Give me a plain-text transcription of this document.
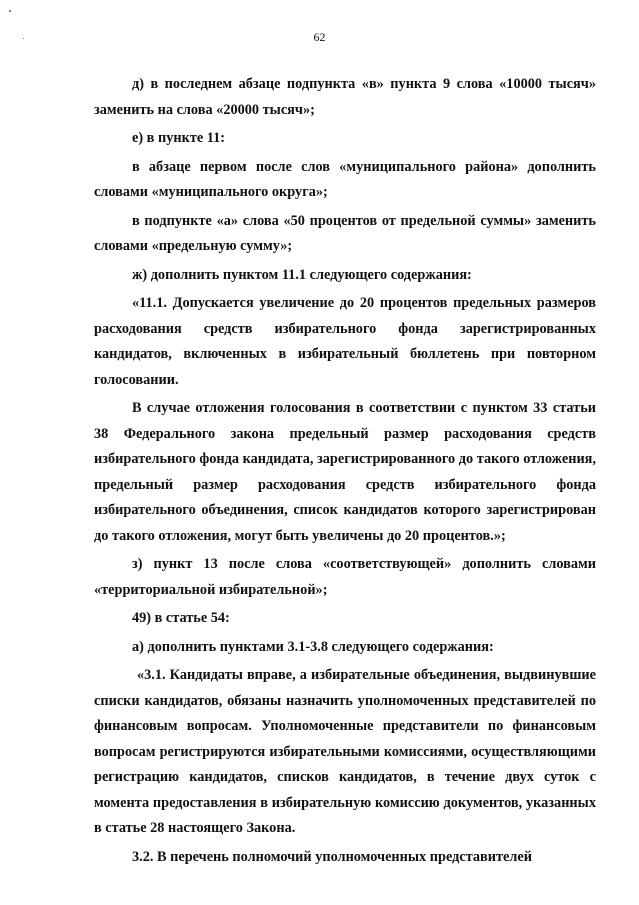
62

д) в последнем абзаце подпункта «в» пункта 9 слова «10000 тысяч» заменить на слова «20000 тысяч»;

е) в пункте 11:

в абзаце первом после слов «муниципального района» дополнить словами «муниципального округа»;

в подпункте «а» слова «50 процентов от предельной суммы» заменить словами «предельную сумму»;

ж) дополнить пунктом 11.1 следующего содержания:

«11.1. Допускается увеличение до 20 процентов предельных размеров расходования средств избирательного фонда зарегистрированных кандидатов, включенных в избирательный бюллетень при повторном голосовании.

В случае отложения голосования в соответствии с пунктом 33 статьи 38 Федерального закона предельный размер расходования средств избирательного фонда кандидата, зарегистрированного до такого отложения, предельный размер расходования средств избирательного фонда избирательного объединения, список кандидатов которого зарегистрирован до такого отложения, могут быть увеличены до 20 процентов.»;

з) пункт 13 после слова «соответствующей» дополнить словами «территориальной избирательной»;

49) в статье 54:

а) дополнить пунктами 3.1-3.8 следующего содержания:

«3.1. Кандидаты вправе, а избирательные объединения, выдвинувшие списки кандидатов, обязаны назначить уполномоченных представителей по финансовым вопросам. Уполномоченные представители по финансовым вопросам регистрируются избирательными комиссиями, осуществляющими регистрацию кандидатов, списков кандидатов, в течение двух суток с момента предоставления в избирательную комиссию документов, указанных в статье 28 настоящего Закона.

3.2. В перечень полномочий уполномоченных представителей
